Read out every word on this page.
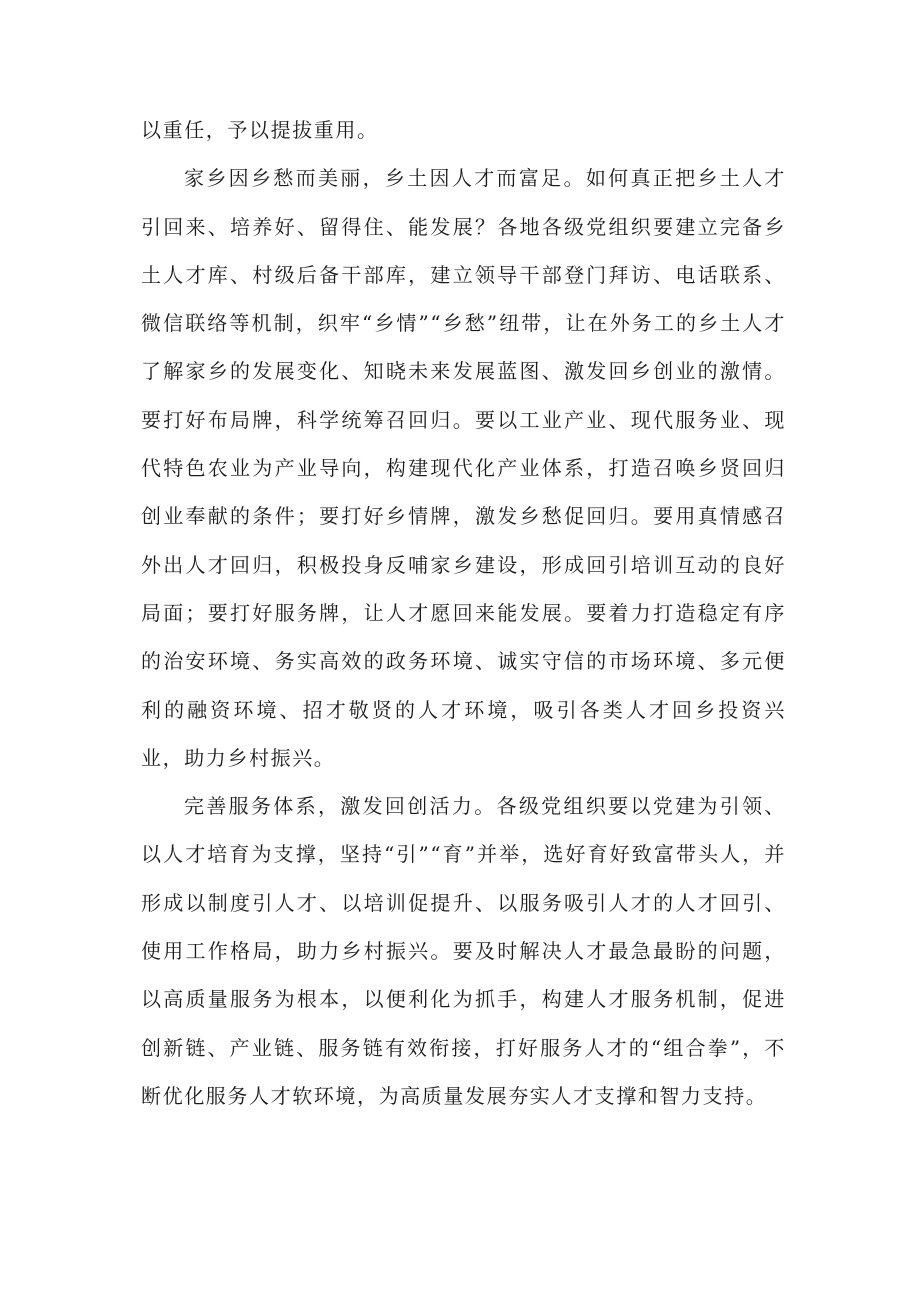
以重任，予以提拔重用。

家乡因乡愁而美丽，乡土因人才而富足。如何真正把乡土人才引回来、培养好、留得住、能发展？各地各级党组织要建立完备乡土人才库、村级后备干部库，建立领导干部登门拜访、电话联系、微信联络等机制，织牢“乡情”“乡愁”纽带，让在外务工的乡土人才了解家乡的发展变化、知晓未来发展蓝图、激发回乡创业的激情。要打好布局牌，科学统筹召回归。要以工业产业、现代服务业、现代特色农业为产业导向，构建现代化产业体系，打造召唤乡贤回归创业奉献的条件；要打好乡情牌，激发乡愁促回归。要用真情感召外出人才回归，积极投身反哺家乡建设，形成回引培训互动的良好局面；要打好服务牌，让人才愿回来能发展。要着力打造稳定有序的治安环境、务实高效的政务环境、诚实守信的市场环境、多元便利的融资环境、招才敬贤的人才环境，吸引各类人才回乡投资兴业，助力乡村振兴。

完善服务体系，激发回创活力。各级党组织要以党建为引领、以人才培育为支撑，坚持“引”“育”并举，选好育好致富带头人，并形成以制度引人才、以培训促提升、以服务吸引人才的人才回引、使用工作格局，助力乡村振兴。要及时解决人才最急最盼的问题，以高质量服务为根本，以便利化为抓手，构建人才服务机制，促进创新链、产业链、服务链有效衔接，打好服务人才的“组合拳”，不断优化服务人才软环境，为高质量发展夯实人才支撑和智力支持。
